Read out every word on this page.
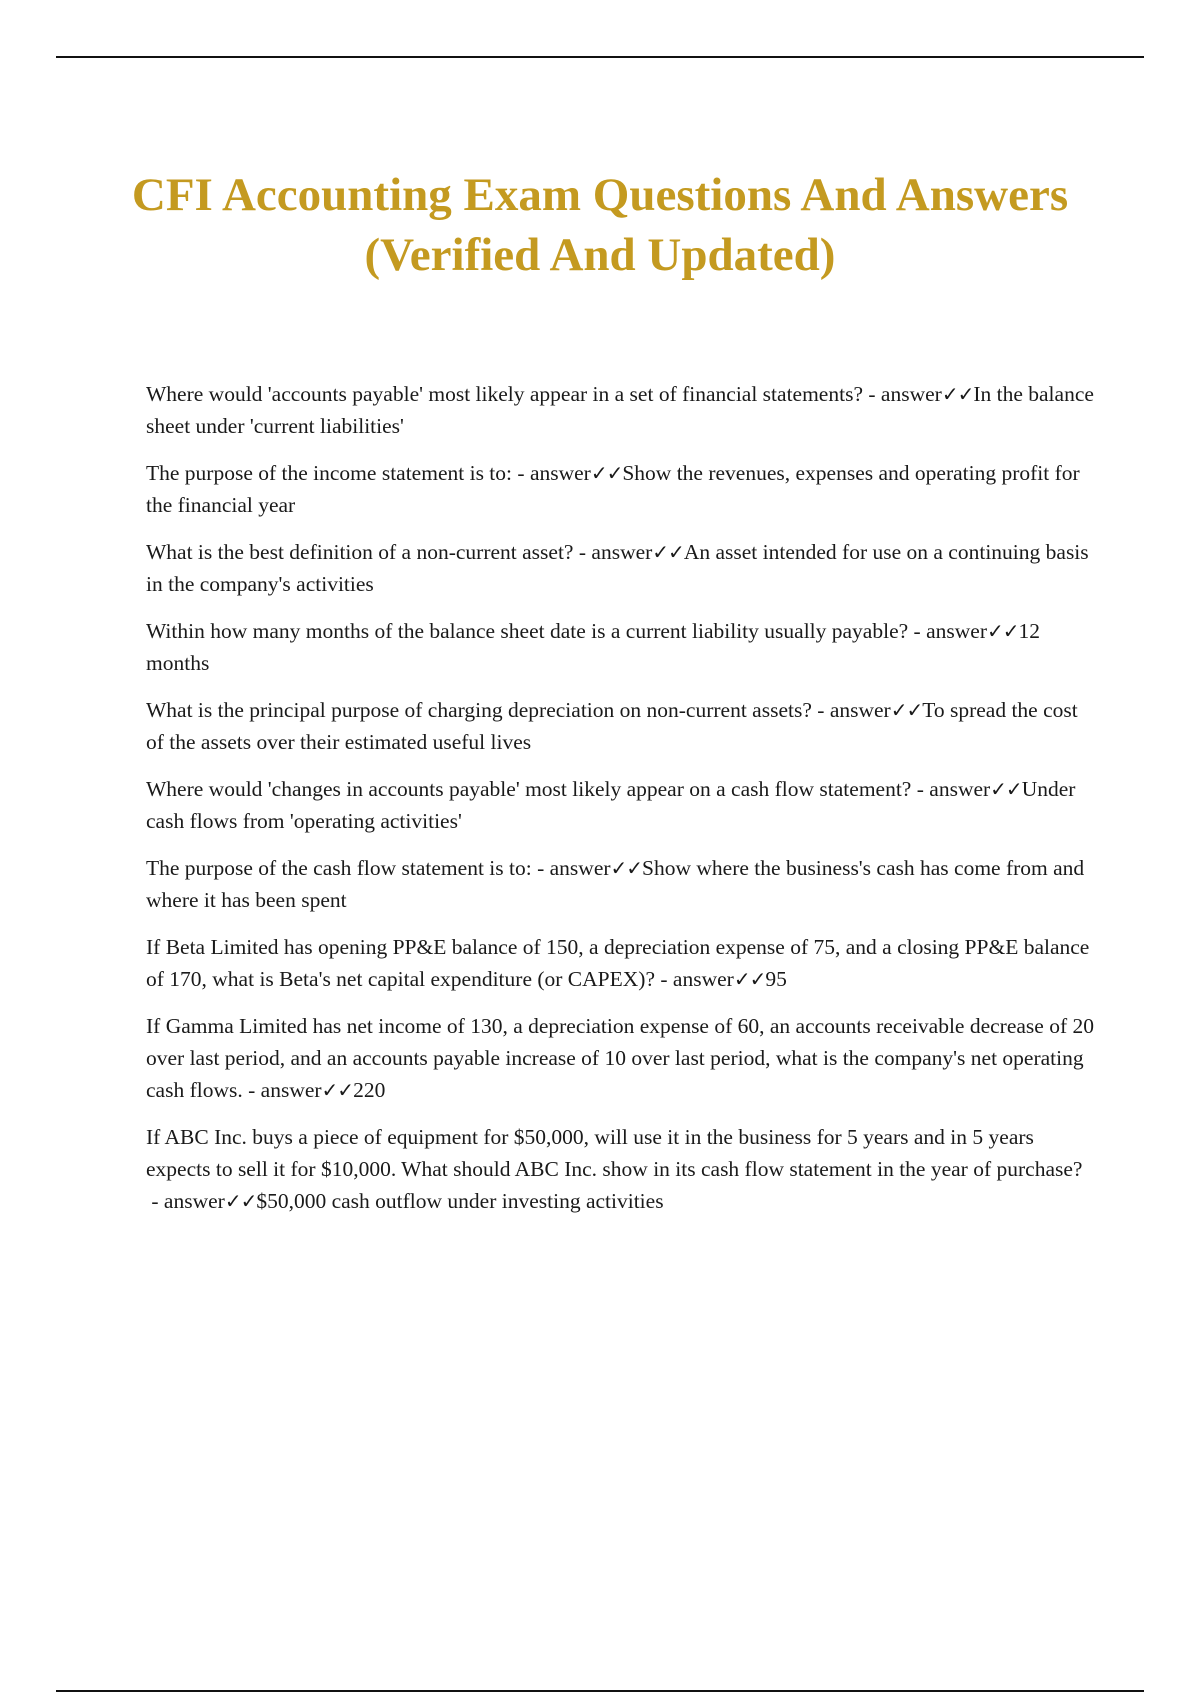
CFI Accounting Exam Questions And Answers (Verified And Updated)
Where would 'accounts payable' most likely appear in a set of financial statements? - answer✓✓In the balance sheet under 'current liabilities'
The purpose of the income statement is to: - answer✓✓Show the revenues, expenses and operating profit for the financial year
What is the best definition of a non-current asset? - answer✓✓An asset intended for use on a continuing basis in the company's activities
Within how many months of the balance sheet date is a current liability usually payable? - answer✓✓12 months
What is the principal purpose of charging depreciation on non-current assets? - answer✓✓To spread the cost of the assets over their estimated useful lives
Where would 'changes in accounts payable' most likely appear on a cash flow statement? - answer✓✓Under cash flows from 'operating activities'
The purpose of the cash flow statement is to: - answer✓✓Show where the business's cash has come from and where it has been spent
If Beta Limited has opening PP&E balance of 150, a depreciation expense of 75, and a closing PP&E balance of 170, what is Beta's net capital expenditure (or CAPEX)? - answer✓✓95
If Gamma Limited has net income of 130, a depreciation expense of 60, an accounts receivable decrease of 20 over last period, and an accounts payable increase of 10 over last period, what is the company's net operating cash flows. - answer✓✓220
If ABC Inc. buys a piece of equipment for $50,000, will use it in the business for 5 years and in 5 years expects to sell it for $10,000. What should ABC Inc. show in its cash flow statement in the year of purchase? - answer✓✓$50,000 cash outflow under investing activities
